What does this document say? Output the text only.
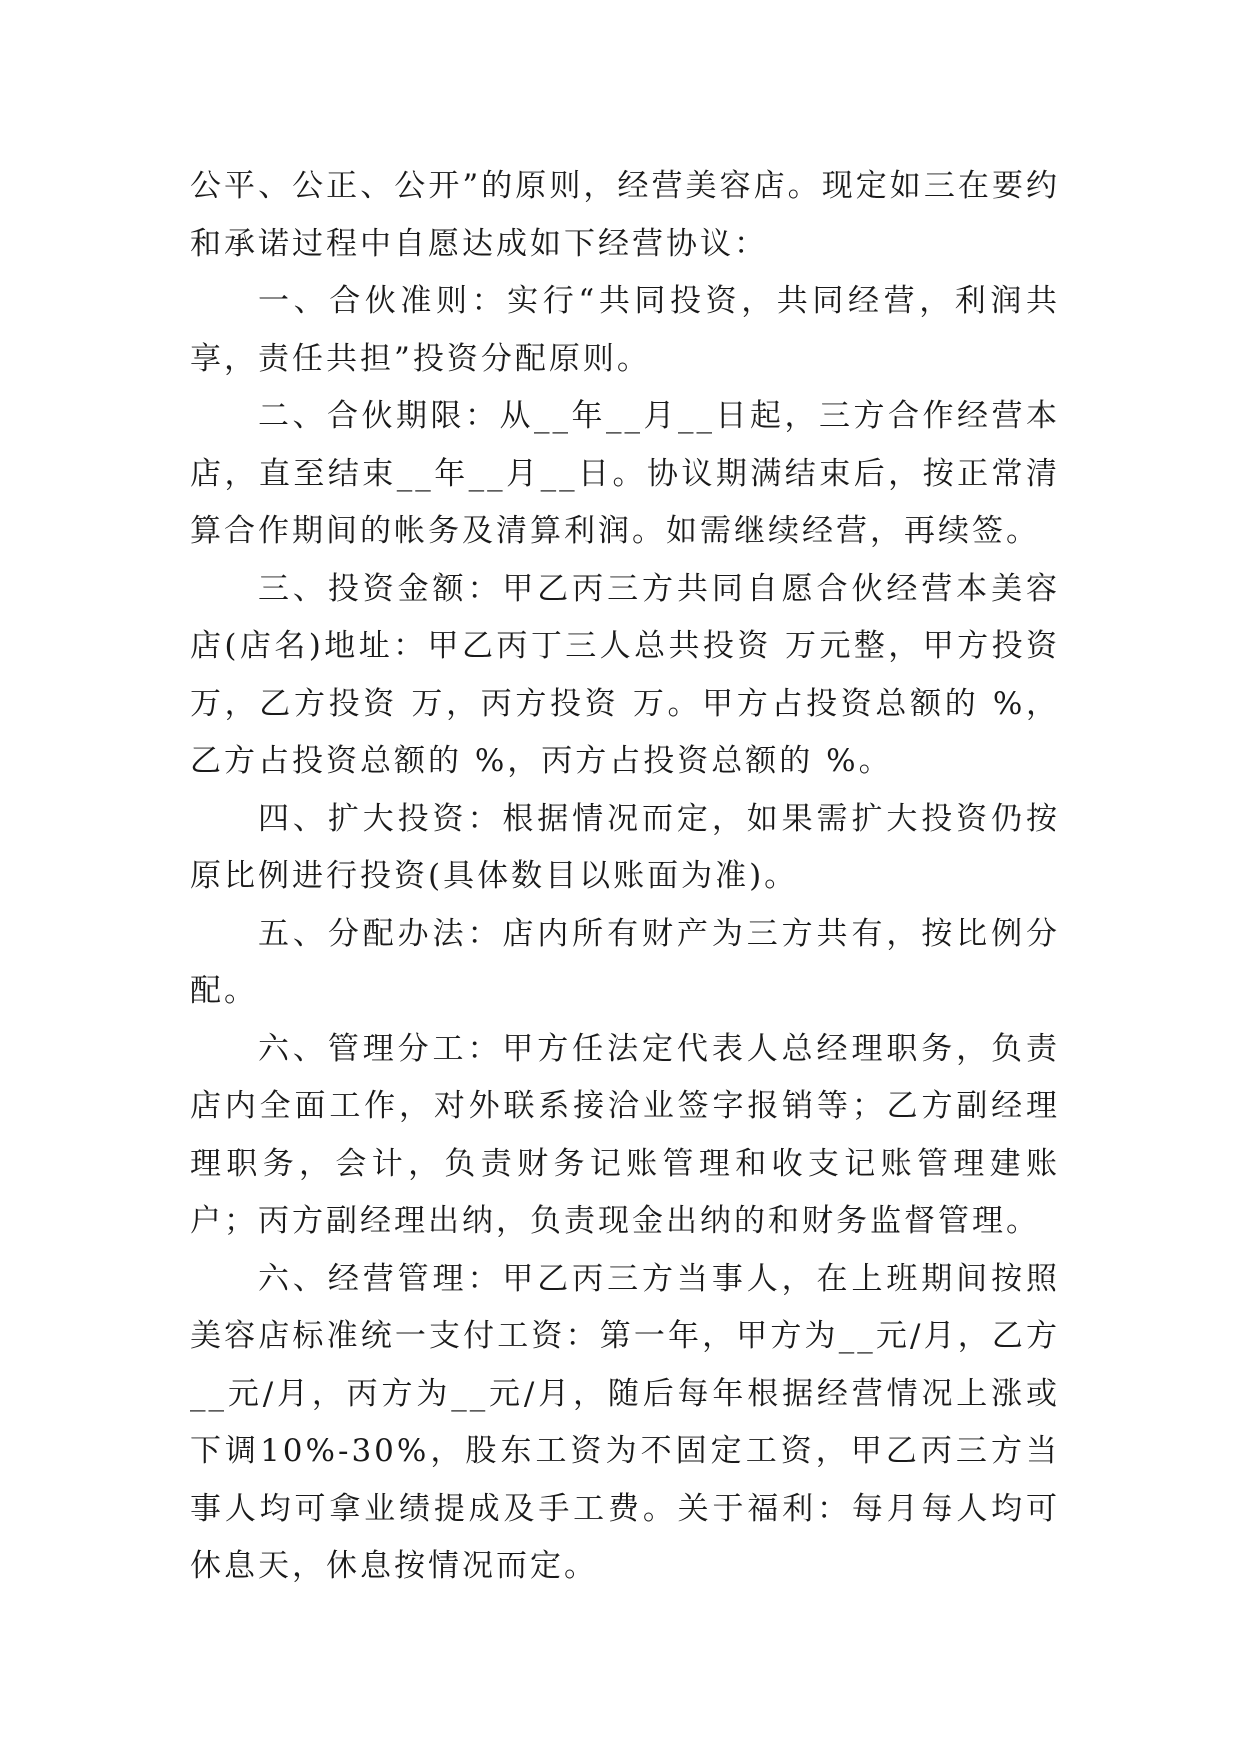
公平、公正、公开”的原则，经营美容店。现定如三在要约和承诺过程中自愿达成如下经营协议：

一、合伙准则：实行“共同投资，共同经营，利润共享，责任共担”投资分配原则。

二、合伙期限：从__年__月__日起，三方合作经营本店，直至结束__年__月__日。协议期满结束后，按正常清算合作期间的帐务及清算利润。如需继续经营，再续签。

三、投资金额：甲乙丙三方共同自愿合伙经营本美容店(店名)地址：甲乙丙丁三人总共投资 万元整，甲方投资 万，乙方投资 万，丙方投资 万。甲方占投资总额的 %，乙方占投资总额的 %，丙方占投资总额的 %。

四、扩大投资：根据情况而定，如果需扩大投资仍按原比例进行投资(具体数目以账面为准)。

五、分配办法：店内所有财产为三方共有，按比例分配。

六、管理分工：甲方任法定代表人总经理职务，负责店内全面工作，对外联系接洽业签字报销等；乙方副经理理职务，会计，负责财务记账管理和收支记账管理建账户；丙方副经理出纳，负责现金出纳的和财务监督管理。

六、经营管理：甲乙丙三方当事人，在上班期间按照美容店标准统一支付工资：第一年，甲方为__元/月，乙方__元/月，丙方为__元/月，随后每年根据经营情况上涨或下调10%-30%，股东工资为不固定工资，甲乙丙三方当事人均可拿业绩提成及手工费。关于福利：每月每人均可休息天，休息按情况而定。
